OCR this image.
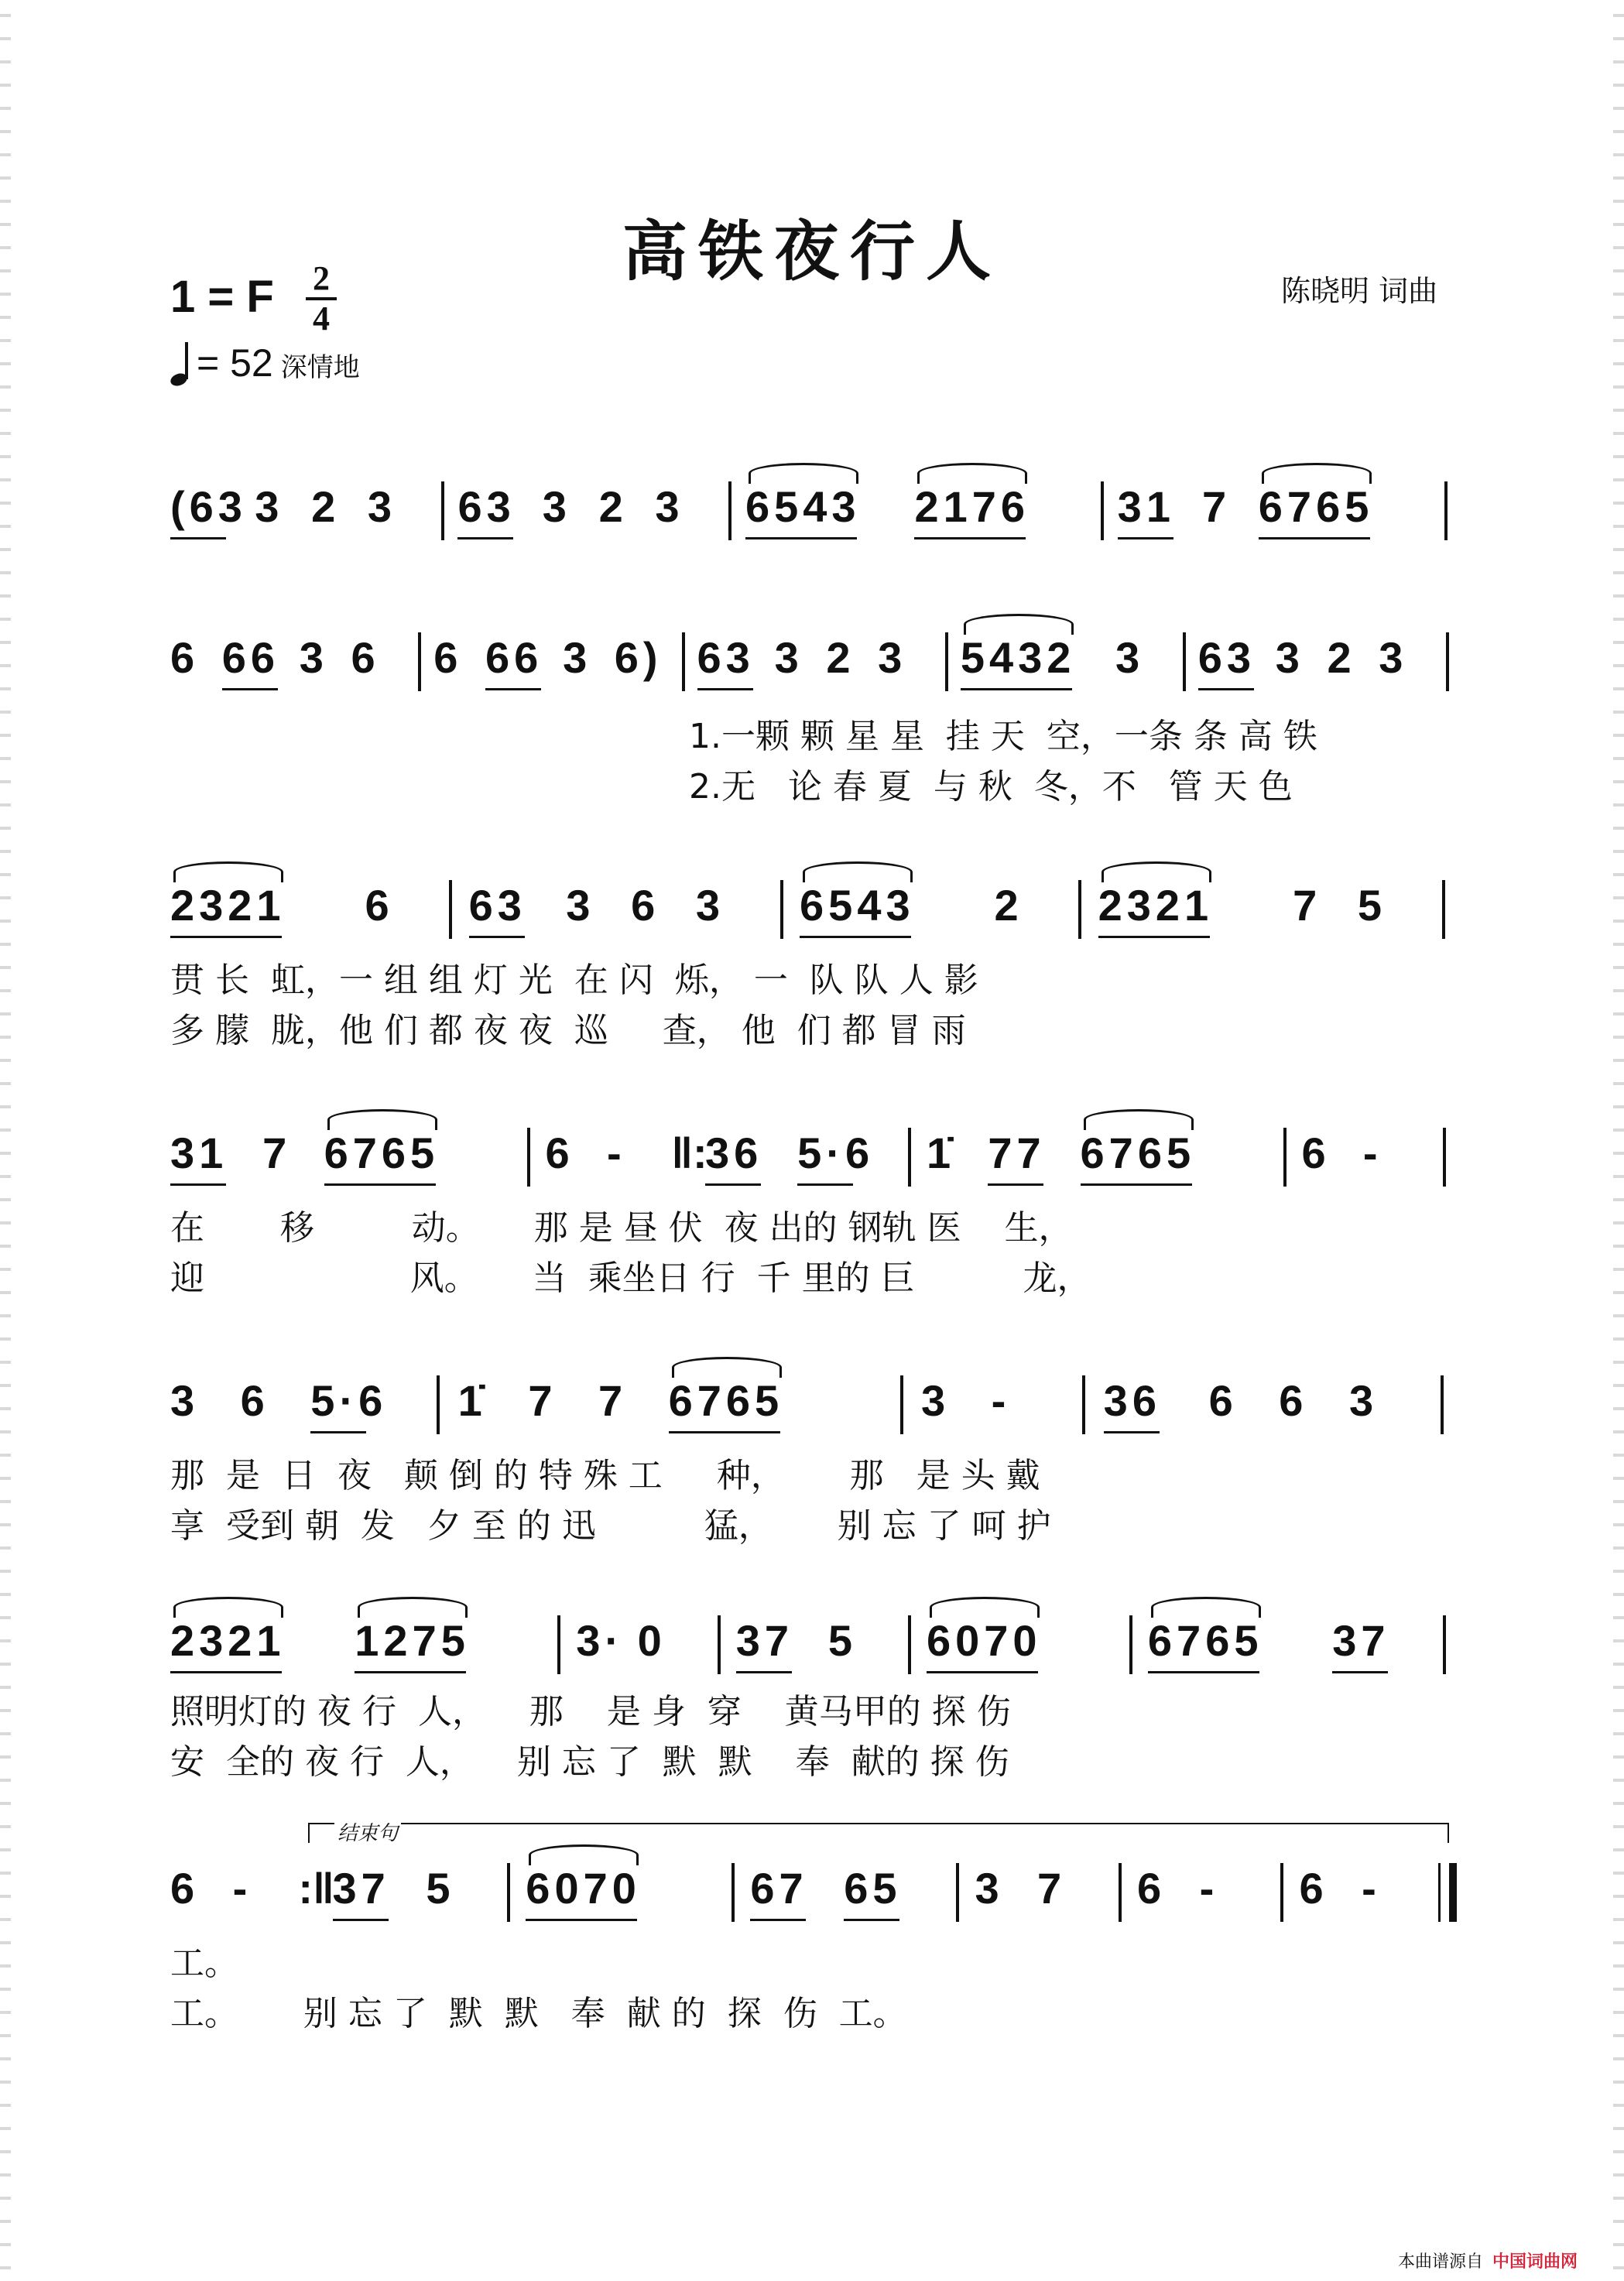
高铁夜行人
陈晓明 词曲
1 = F $\frac{2}{4}$
= 52 深情地
(63 3 2 3	63 3 2 3	6543	2176	31 7 6765
6 66 3 6	6 66 3 6) 63 3 2 3	5432 3	63 3 2 3
1.一颗 颗 星 星  挂 天  空，一条 条 高 铁
2.无   论 春 夏  与 秋  冬，不   管 天 色
2321	6	63 3 6 3	6543	2	2321	7 5
贯 长  虹，一 组 组 灯 光  在 闪  烁， 一  队 队 人 影
多 朦  胧，他 们 都 夜 夜  巡     查， 他  们 都 冒 雨
31 7 6765	6 -	‖:
36 5·6	1̇ 77 6765	6 -
在       移         动。     那 是 昼 伏  夜 出的 钢轨 医    生，
迎                   风。     当  乘坐日 行  千 里的 巨          龙，
3 6 5·6	1̇ 7 7 6765	3 -	36	6 6 3
那  是  日  夜   颠 倒 的 特 殊 工     种，      那   是 头 戴
享  受到 朝  发   夕 至 的 迅          猛，      别 忘 了 呵 护
2321	1275	3· 0	37 5	6070	6765	37
照明灯的 夜 行  人，    那    是 身  穿    黄马甲的 探 伤
安  全的 夜 行  人，    别 忘 了  默  默    奉  献的 探 伤
结束句
6 -	:‖
37 5	6070	67 65	3 7	6 -	6 -
工。
工。      别 忘 了  默  默   奉  献 的  探  伤  工。
本曲谱源自 中国词曲网
